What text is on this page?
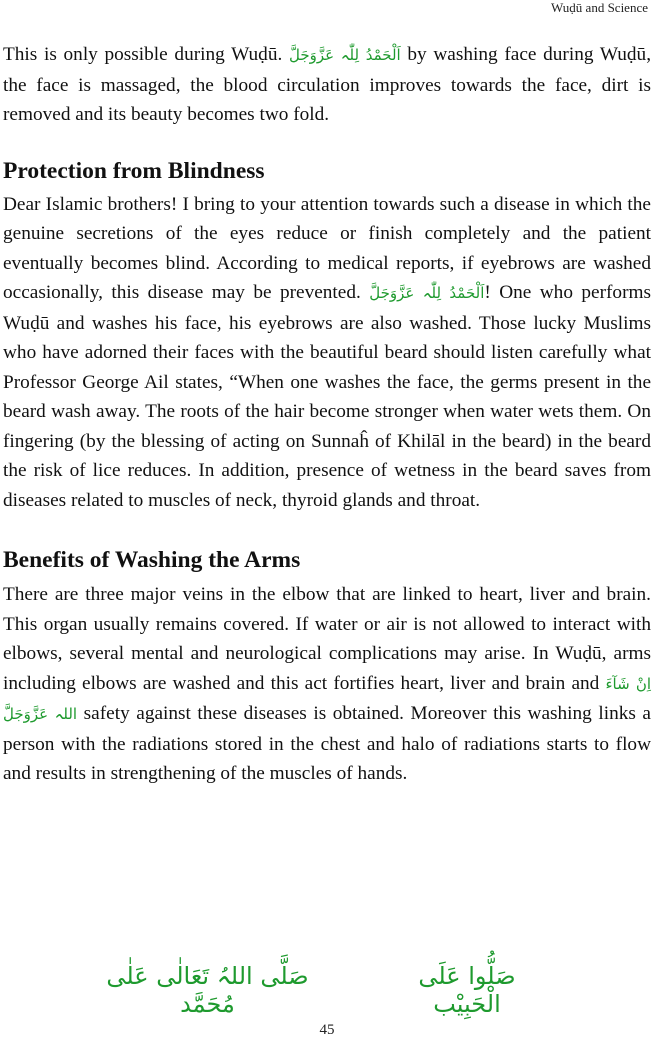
Wuḍū and Science

This is only possible during Wuḍū. اَلْحَمْدُ لِلّٰہ عَزَّوَجَلَّ by washing face during Wuḍū, the face is massaged, the blood circulation improves towards the face, dirt is removed and its beauty becomes two fold.

Protection from Blindness

Dear Islamic brothers! I bring to your attention towards such a disease in which the genuine secretions of the eyes reduce or finish completely and the patient eventually becomes blind. According to medical reports, if eyebrows are washed occasionally, this disease may be prevented. اَلْحَمْدُ لِلّٰہ عَزَّوَجَلَّ! One who performs Wuḍū and washes his face, his eyebrows are also washed. Those lucky Muslims who have adorned their faces with the beautiful beard should listen carefully what Professor George Ail states, “When one washes the face, the germs present in the beard wash away. The roots of the hair become stronger when water wets them. On fingering (by the blessing of acting on Sunnaĥ of Khilāl in the beard) in the beard the risk of lice reduces. In addition, presence of wetness in the beard saves from diseases related to muscles of neck, thyroid glands and throat.

Benefits of Washing the Arms

There are three major veins in the elbow that are linked to heart, liver and brain. This organ usually remains covered. If water or air is not allowed to interact with elbows, several mental and neurological complications may arise. In Wuḍū, arms including elbows are washed and this act fortifies heart, liver and brain and اِنْ شَآءَ اللہ عَزَّوَجَلَّ safety against these diseases is obtained. Moreover this washing links a person with the radiations stored in the chest and halo of radiations starts to flow and results in strengthening of the muscles of hands.

صَلَّی اللہُ تَعَالٰی عَلٰی مُحَمَّد
صَلُّوا عَلَی الْحَبِیْب
45
